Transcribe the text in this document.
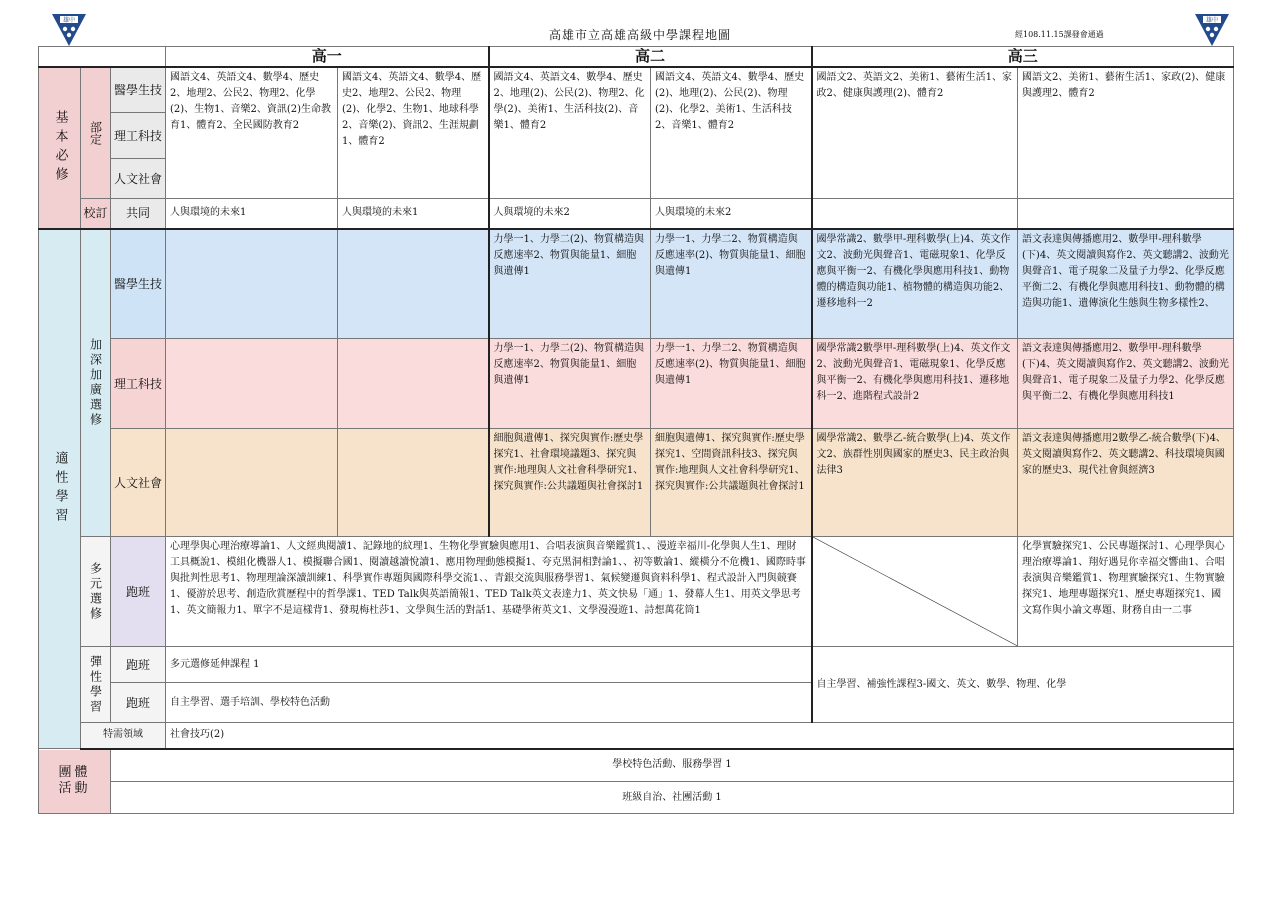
雄中	雄中
高雄市立高雄高級中學課程地圖	經108.11.15課發會通過
			高一		高二		高三	
基本必修	部定	醫學生技	國語文4、英語文4、數學4、歷史2、地理2、公民2、物理2、化學(2)、生物1、音樂2、資訊(2)生命教育1、體育2、全民國防教育2	國語文4、英語文4、數學4、歷史2、地理2、公民2、物理(2)、化學2、生物1、地球科學2、音樂(2)、資訊2、生涯規劃1、體育2	國語文4、英語文4、數學4、歷史2、地理(2)、公民(2)、物理2、化學(2)、美術1、生活科技(2)、音樂1、體育2	國語文4、英語文4、數學4、歷史(2)、地理(2)、公民(2)、物理(2)、化學2、美術1、生活科技2、音樂1、體育2	國語文2、英語文2、美術1、藝術生活1、家政2、健康與護理(2)、體育2	國語文2、美術1、藝術生活1、家政(2)、健康與護理2、體育2
		理工科技						
		人文社會						
	校訂	共同	人與環境的未來1	人與環境的未來1	人與環境的未來2	人與環境的未來2		
適性學習	加深加廣選修	醫學生技			力學一1、力學二(2)、物質構造與反應速率2、物質與能量1、細胞與遺傳1	力學一1、力學二2、物質構造與反應速率(2)、物質與能量1、細胞與遺傳1	國學常識2、數學甲-理科數學(上)4、英文作文2、波動光與聲音1、電磁現象1、化學反應與平衡一2、有機化學與應用科技1、動物體的構造與功能1、植物體的構造與功能2、遷移地科一2	語文表達與傳播應用2、數學甲-理科數學(下)4、英文閱讀與寫作2、英文聽講2、波動光與聲音1、電子現象二及量子力學2、化學反應平衡二2、有機化學與應用科技1、動物體的構造與功能1、遺傳演化生態與生物多樣性2、
		理工科技			力學一1、力學二(2)、物質構造與反應速率2、物質與能量1、細胞與遺傳1	力學一1、力學二2、物質構造與反應速率(2)、物質與能量1、細胞與遺傳1	國學常識2數學甲-理科數學(上)4、英文作文2、波動光與聲音1、電磁現象1、化學反應與平衡一2、有機化學與應用科技1、遷移地科一2、進階程式設計2	語文表達與傳播應用2、數學甲-理科數學(下)4、英文閱讀與寫作2、英文聽講2、波動光與聲音1、電子現象二及量子力學2、化學反應與平衡二2、有機化學與應用科技1
		人文社會			細胞與遺傳1、探究與實作:歷史學探究1、社會環境議題3、探究與實作:地理與人文社會科學研究1、探究與實作:公共議題與社會探討1	細胞與遺傳1、探究與實作:歷史學探究1、空間資訊科技3、探究與實作:地理與人文社會科學研究1、探究與實作:公共議題與社會探討1	國學常識2、數學乙-統合數學(上)4、英文作文2、族群性別與國家的歷史3、民主政治與法律3	語文表達與傳播應用2數學乙-統合數學(下)4、英文閱讀與寫作2、英文聽講2、科技環境與國家的歷史3、現代社會與經濟3
	多元選修	跑班	心理學與心理治療導論1、人文經典閱讀1、記錄地的紋理1、生物化學實驗與應用1、合唱表演與音樂鑑賞1、、漫遊幸福川-化學與人生1、理財工具概說1、模組化機器人1、模擬聯合國1、閱讀越讀悅讀1、應用物理動態模擬1、夸克黑洞相對論1、、初等數論1、縱橫分不危機1、國際時事與批判性思考1、物理理論深讀訓練1、科學實作專題與國際科學交流1、、青銀交流與服務學習1、氣候變遷與資料科學1、程式設計入門與競賽1、優游於思考、創造欣賞歷程中的哲學課1、TED Talk與英語簡報1、TED Talk英文表達力1、英文快易「通」1、發幕人生1、用英文學思考1、英文簡報力1、單字不是這樣背1、發現梅杜莎1、文學與生活的對話1、基礎學術英文1、文學漫漫遊1、詩想萬花筒1					化學實驗探究1、公民專題探討1、心理學與心理治療導論1、翔好遇見你幸福交響曲1、合唱表演與音樂鑑賞1、物理實驗探究1、生物實驗探究1、地理專題探究1、歷史專題探究1、國文寫作與小論文專題、財務自由一二事
	彈性學習	跑班	多元選修延伸課程 1				自主學習、補強性課程3-國文、英文、數學、物理、化學	
		跑班	自主學習、選手培訓、學校特色活動					
	特需領域		社會技巧(2)					
團體活動		學校特色活動、服務學習 1						
		班級自治、社團活動 1						
